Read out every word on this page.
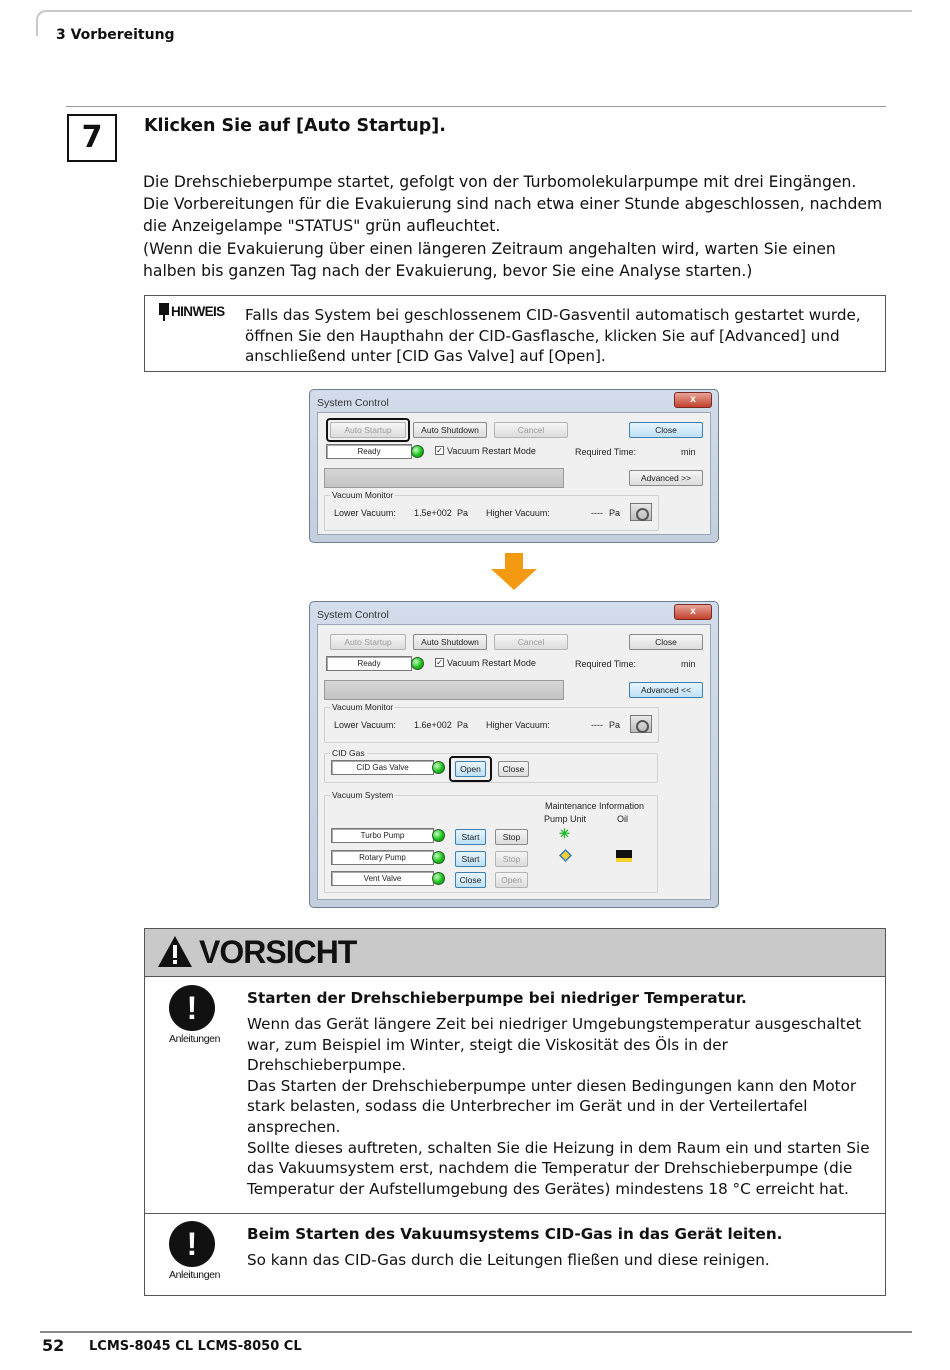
3 Vorbereitung
7	Klicken Sie auf [Auto Startup].

Die Drehschieberpumpe startet, gefolgt von der Turbomolekularpumpe mit drei Eingängen.

Die Vorbereitungen für die Evakuierung sind nach etwa einer Stunde abgeschlossen, nachdem

die Anzeigelampe "STATUS" grün aufleuchtet.

(Wenn die Evakuierung über einen längeren Zeitraum angehalten wird, warten Sie einen

halben bis ganzen Tag nach der Evakuierung, bevor Sie eine Analyse starten.)

HINWEIS Falls das System bei geschlossenem CID-Gasventil automatisch gestartet wurde,
öffnen Sie den Haupthahn der CID-Gasflasche, klicken Sie auf [Advanced] und
anschließend unter [CID Gas Valve] auf [Open].
System Control	x
Auto Startup	Auto Shutdown	Cancel	Close
Ready	✓ Vacuum Restart Mode	Required Time:	min
Advanced >>
Vacuum Monitor
Lower Vacuum: 1.5e+002 Pa Higher Vacuum:	---- Pa
System Control	x
Auto Startup	Auto Shutdown	Cancel	Close
Ready	✓ Vacuum Restart Mode	Required Time:	min
Advanced <<
Vacuum Monitor
Lower Vacuum: 1.6e+002 Pa Higher Vacuum:	---- Pa
CID Gas
CID Gas Valve	Open	Close
Vacuum System
Maintenance Information
Pump Unit	Oil
Turbo Pump	Start	Stop	✳
Rotary Pump	Start	Stop
Vent Valve	Close	Open
VORSICHT
!
Anleitungen
Starten der Drehschieberpumpe bei niedriger Temperatur.
Wenn das Gerät längere Zeit bei niedriger Umgebungstemperatur ausgeschaltet
war, zum Beispiel im Winter, steigt die Viskosität des Öls in der
Drehschieberpumpe.
Das Starten der Drehschieberpumpe unter diesen Bedingungen kann den Motor
stark belasten, sodass die Unterbrecher im Gerät und in der Verteilertafel
ansprechen.
Sollte dieses auftreten, schalten Sie die Heizung in dem Raum ein und starten Sie
das Vakuumsystem erst, nachdem die Temperatur der Drehschieberpumpe (die
Temperatur der Aufstellumgebung des Gerätes) mindestens 18 °C erreicht hat.
!
Anleitungen
Beim Starten des Vakuumsystems CID-Gas in das Gerät leiten.
So kann das CID-Gas durch die Leitungen fließen und diese reinigen.
52 LCMS-8045 CL LCMS-8050 CL
